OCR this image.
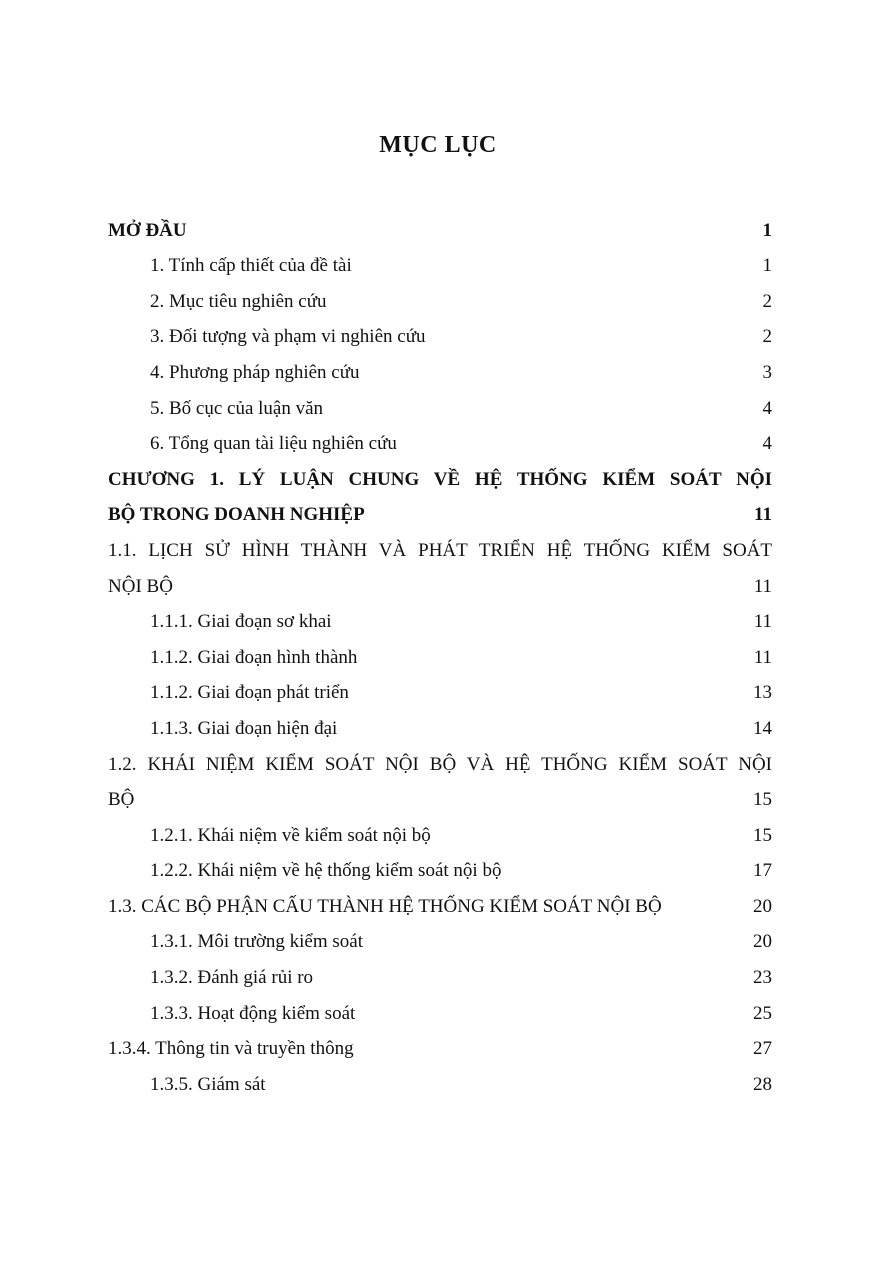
MỤC LỤC
MỞ ĐẦU	1
1. Tính cấp thiết của đề tài	1
2. Mục tiêu nghiên cứu	2
3. Đối tượng và phạm vi nghiên cứu	2
4. Phương pháp nghiên cứu	3
5. Bố cục của luận văn	4
6. Tổng quan tài liệu nghiên cứu	4
CHƯƠNG 1. LÝ LUẬN CHUNG VỀ HỆ THỐNG KIỂM SOÁT NỘI
BỘ TRONG DOANH NGHIỆP	11
1.1. LỊCH SỬ HÌNH THÀNH VÀ PHÁT TRIỂN HỆ THỐNG KIỂM SOÁT
NỘI BỘ	11
1.1.1. Giai đoạn sơ khai	11
1.1.2. Giai đoạn hình thành	11
1.1.2. Giai đoạn phát triển	13
1.1.3. Giai đoạn hiện đại	14
1.2. KHÁI NIỆM KIỂM SOÁT NỘI BỘ VÀ HỆ THỐNG KIỂM SOÁT NỘI
BỘ	15
1.2.1. Khái niệm về kiểm soát nội bộ	15
1.2.2. Khái niệm về hệ thống kiểm soát nội bộ	17
1.3. CÁC BỘ PHẬN CẤU THÀNH HỆ THỐNG KIỂM SOÁT NỘI BỘ	20
1.3.1. Môi trường kiểm soát	20
1.3.2. Đánh giá rủi ro	23
1.3.3. Hoạt động kiểm soát	25
1.3.4. Thông tin và truyền thông	27
1.3.5. Giám sát	28
